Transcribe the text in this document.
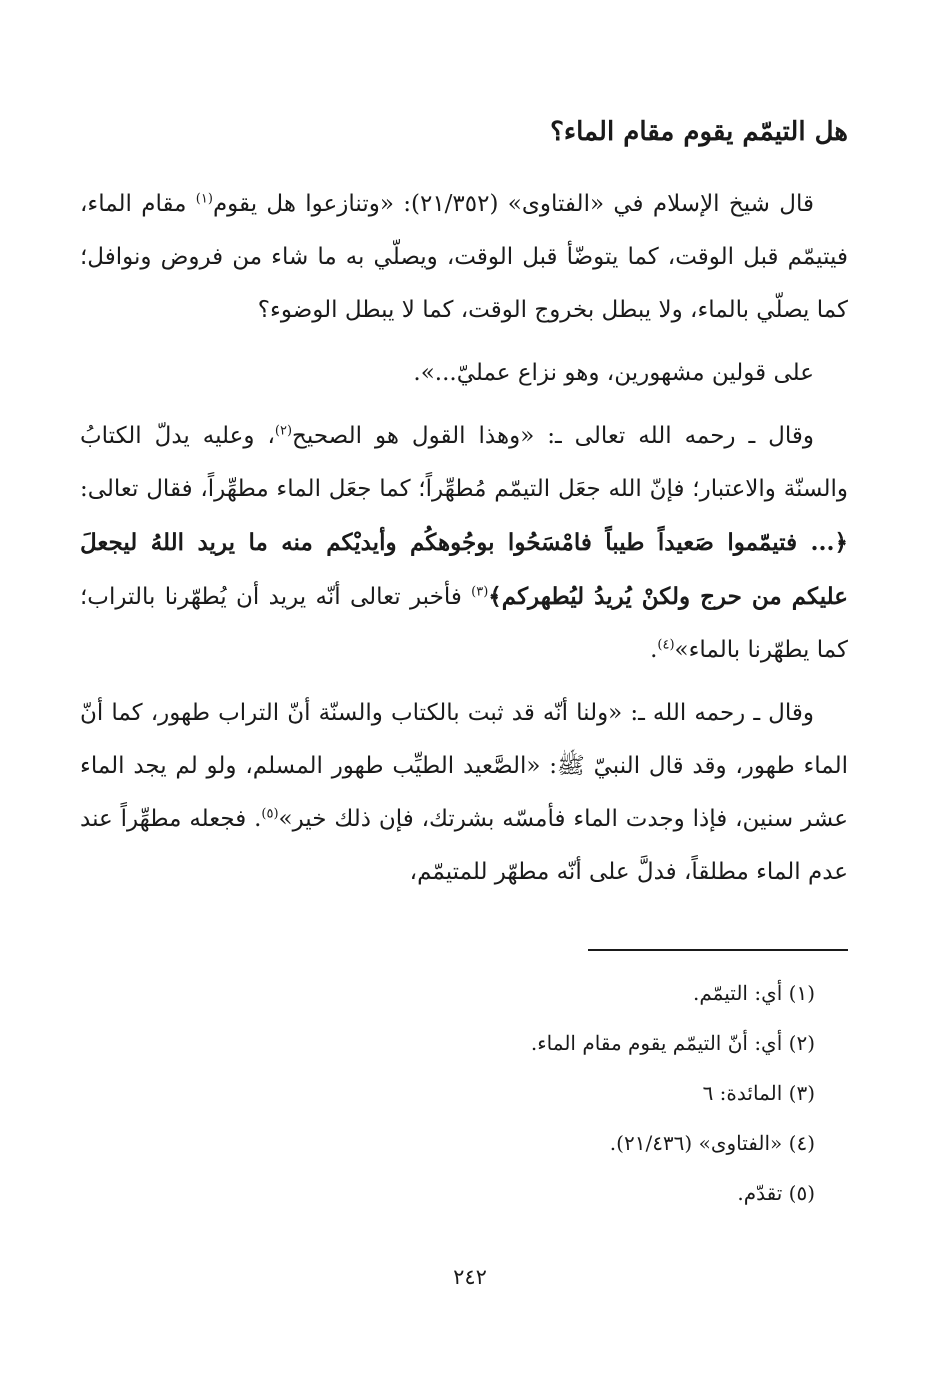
هل التيمّم يقوم مقام الماء؟

قال شيخ الإسلام في «الفتاوى» (٢١/٣٥٢): «وتنازعوا هل يقوم$^{(١)}$ مقام الماء، فيتيمّم قبل الوقت، كما يتوضّأ قبل الوقت، ويصلّي به ما شاء من فروض ونوافل؛ كما يصلّي بالماء، ولا يبطل بخروج الوقت، كما لا يبطل الوضوء؟

على قولين مشهورين، وهو نزاع عمليّ...».

وقال ـ رحمه الله تعالى ـ: «وهذا القول هو الصحيح$^{(٢)}$، وعليه يدلّ الكتابُ والسنّة والاعتبار؛ فإنّ الله جعَل التيمّم مُطهِّراً؛ كما جعَل الماء مطهِّراً، فقال تعالى: ﴿... فتيمّموا صَعيداً طيباً فامْسَحُوا بوجُوهكُم وأيديْكم منه ما يريد اللهُ ليجعلَ عليكم من حرج ولكنْ يُريدُ ليُطهركم﴾$^{(٣)}$ فأخبر تعالى أنّه يريد أن يُطهّرنا بالتراب؛ كما يطهّرنا بالماء»$^{(٤)}$.

وقال ـ رحمه الله ـ: «ولنا أنّه قد ثبت بالكتاب والسنّة أنّ التراب طهور، كما أنّ الماء طهور، وقد قال النبيّ ﷺ: «الصَّعيد الطيِّب طهور المسلم، ولو لم يجد الماء عشر سنين، فإذا وجدت الماء فأمسّه بشرتك، فإن ذلك خير»$^{(٥)}$. فجعله مطهِّراً عند عدم الماء مطلقاً، فدلَّ على أنّه مطهّر للمتيمّم،

(١) أي: التيمّم.
(٢) أي: أنّ التيمّم يقوم مقام الماء.
(٣) المائدة: ٦
(٤) «الفتاوى» (٢١/٤٣٦).
(٥) تقدّم.
٢٤٢
